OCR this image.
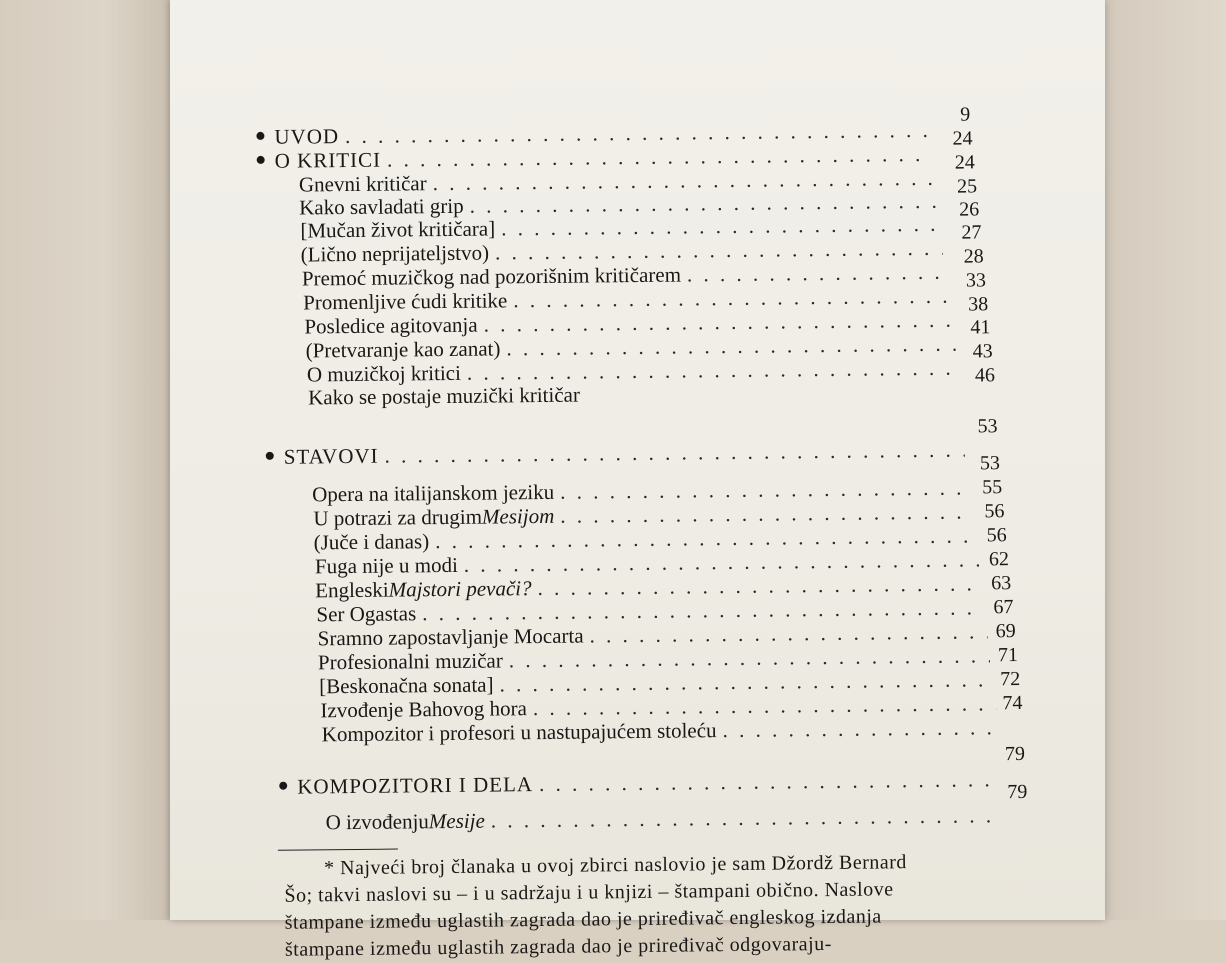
9
24
24
25
26
27
28
33
38
41
43
46
53
53
55
56
56
62
63
67
69
71
72
74
79
79
UVOD
. . .
O KRITICI
. . .
Gnevni kritičar
. . .
Kako savladati grip
. . .
[Mučan život kritičara]
. . .
(Lično neprijateljstvo)
. . .
Premoć muzičkog nad pozorišnim kritičarem
. . .
Promenljive ćudi kritike
. . .
Posledice agitovanja
. . .
(Pretvaranje kao zanat)
. . .
O muzičkoj kritici
. . .
Kako se postaje muzički kritičar
STAVOVI
. . .
Opera na italijanskom jeziku
. . .
U potrazi za drugim Mesijom
. . .
(Juče i danas)
. . .
Fuga nije u modi
. . .
Engleski Majstori pevači?
. . .
Ser Ogastas
. . .
Sramno zapostavljanje Mocarta
. . .
Profesionalni muzičar
. . .
[Beskonačna sonata]
. . .
Izvođenje Bahovog hora
. . .
Kompozitor i profesori u nastupajućem stoleću
. . .
KOMPOZITORI I DELA
. . .
O izvođenju Mesije
. . .
* Najveći broj članaka u ovoj zbirci naslovio je sam Džordž Bernard
Šo; takvi naslovi su – i u sadržaju i u knjizi – štampani obično. Naslove
štampane između uglastih zagrada dao je priređivač engleskog izdanja
štampane između uglastih zagrada dao je priređivač odgovaraju-
